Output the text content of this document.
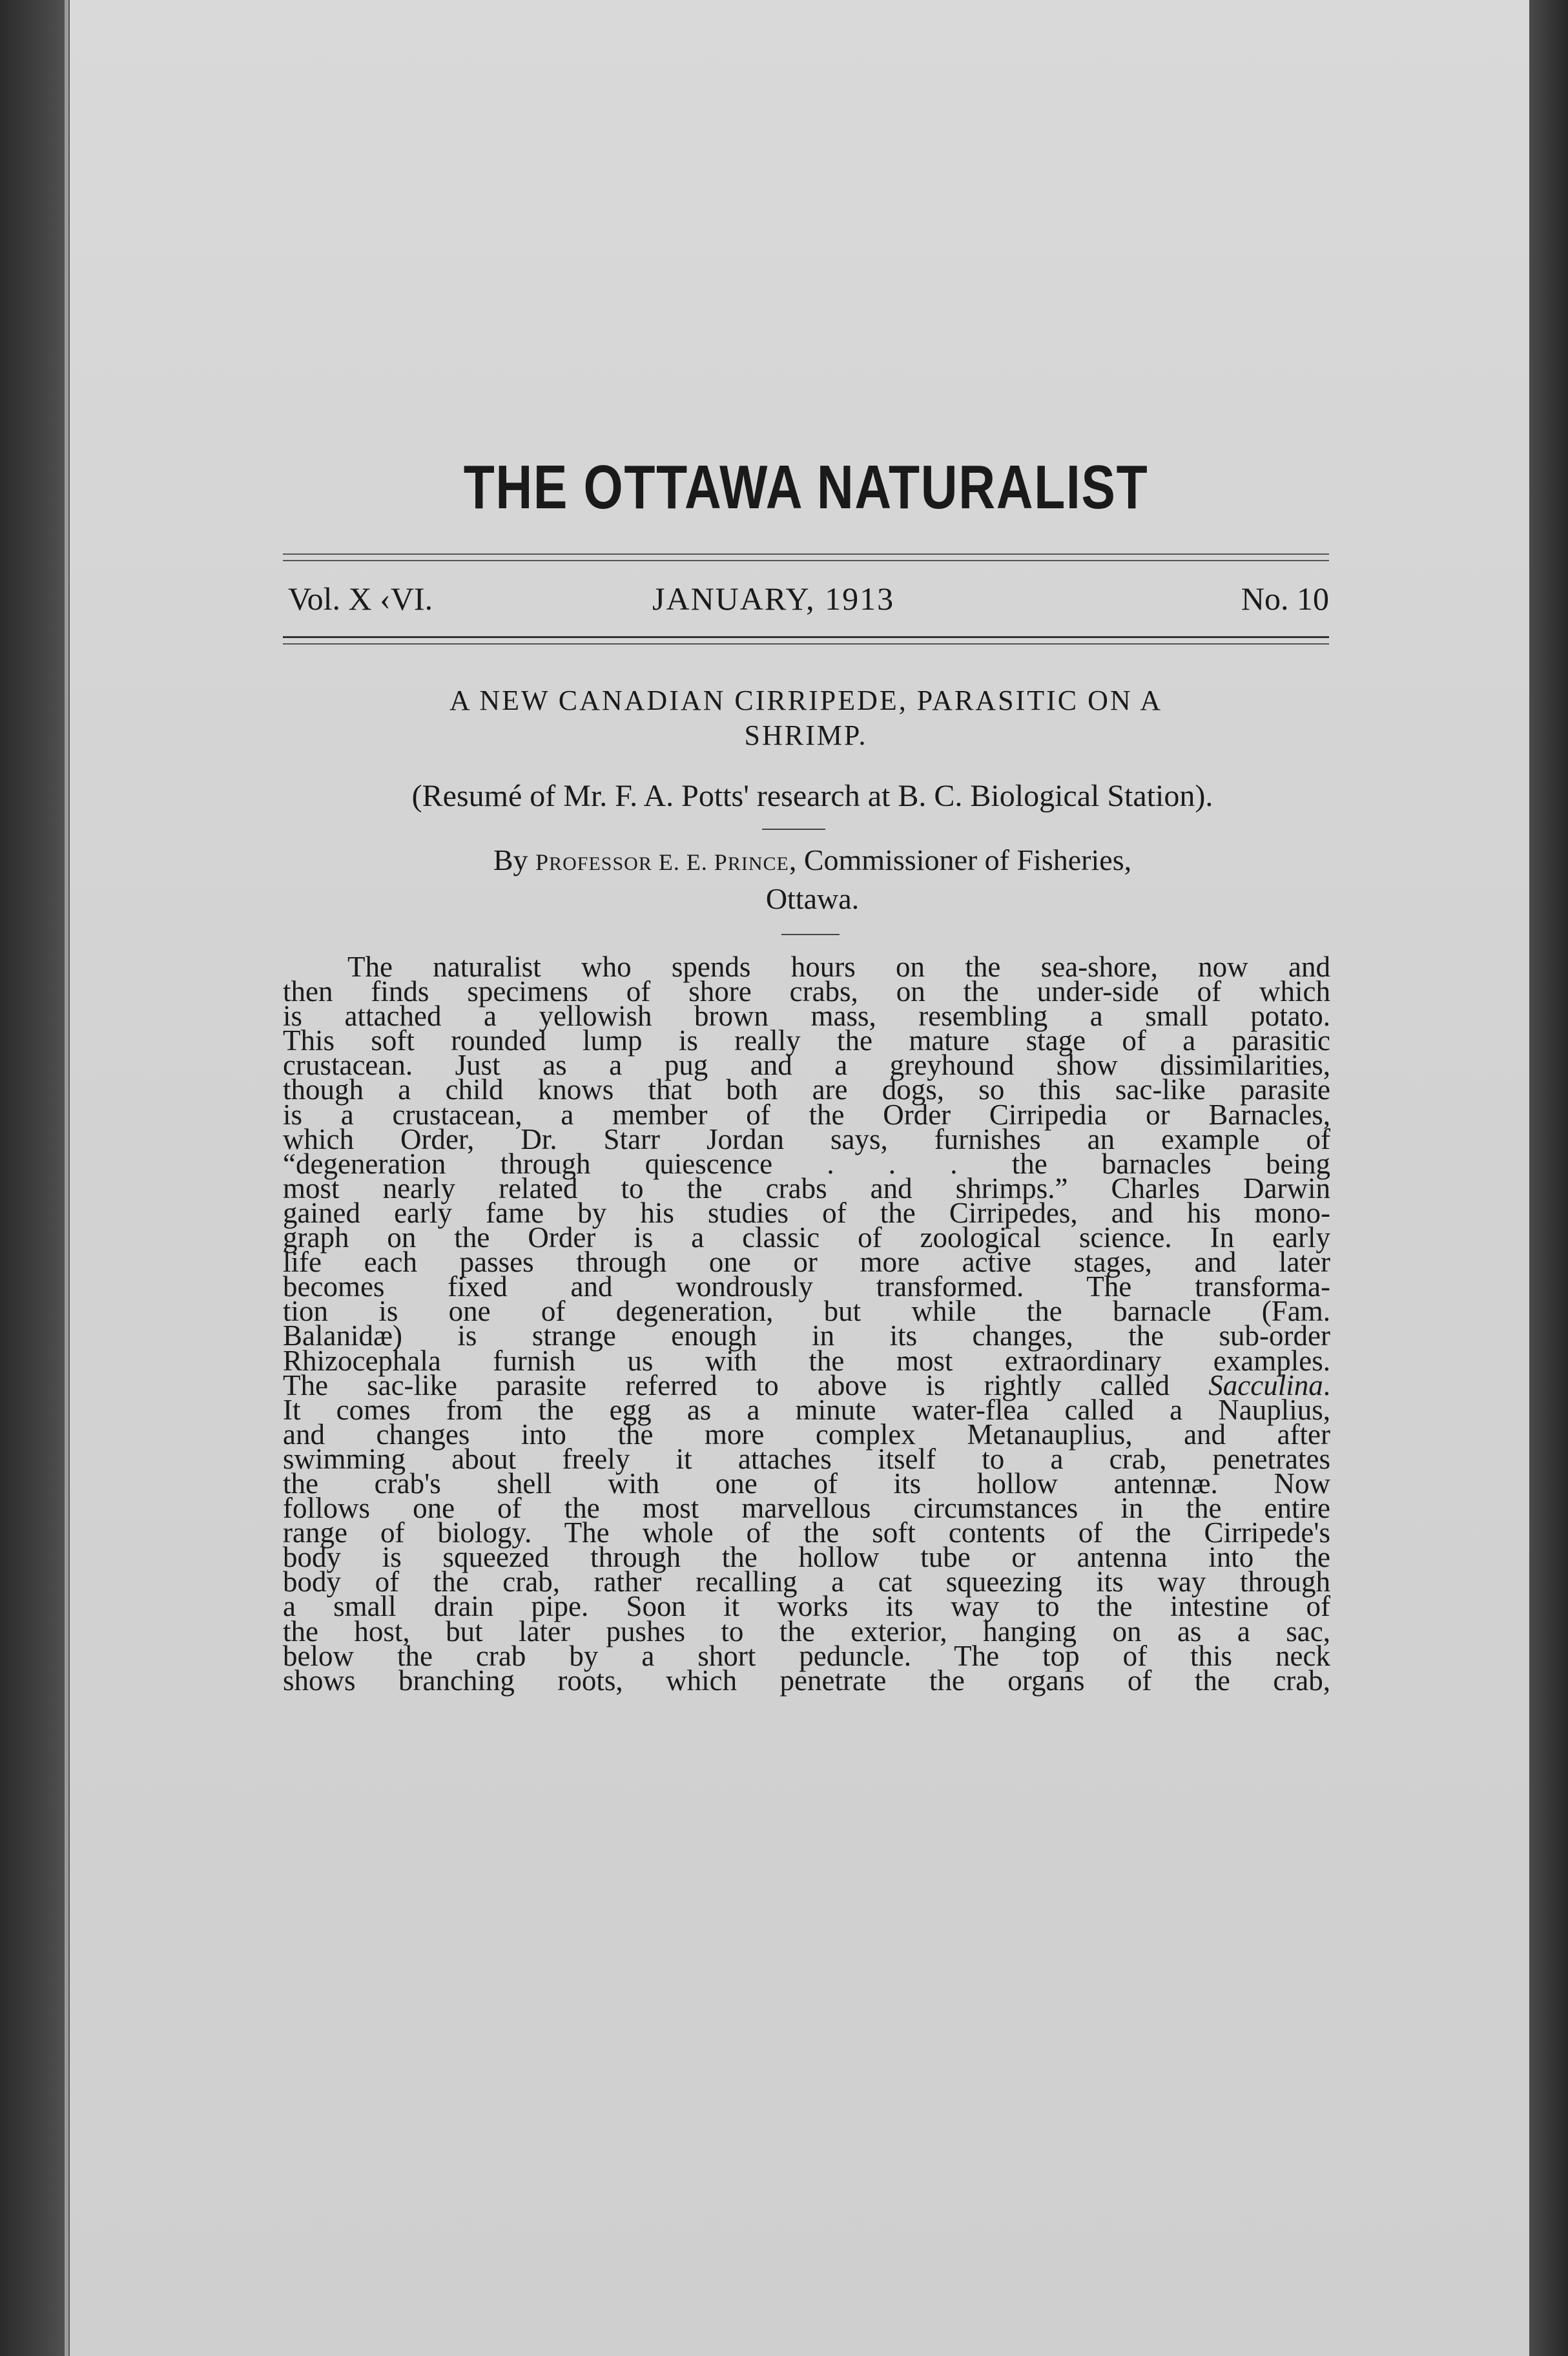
THE OTTAWA NATURALIST
Vol. X ‹VI.	JANUARY, 1913	No. 10
A NEW CANADIAN CIRRIPEDE, PARASITIC ON A
SHRIMP.
(Resumé of Mr. F. A. Potts' research at B. C. Biological Station).
By PROFESSOR E. E. PRINCE, Commissioner of Fisheries,
Ottawa.
The naturalist who spends hours on the sea-shore, now and
then finds specimens of shore crabs, on the under-side of which
is attached a yellowish brown mass, resembling a small potato.
This soft rounded lump is really the mature stage of a parasitic
crustacean. Just as a pug and a greyhound show dissimilarities,
though a child knows that both are dogs, so this sac-like parasite
is a crustacean, a member of the Order Cirripedia or Barnacles,
which Order, Dr. Starr Jordan says, furnishes an example of
“degeneration through quiescence . . . the barnacles being
most nearly related to the crabs and shrimps.” Charles Darwin
gained early fame by his studies of the Cirripedes, and his mono-
graph on the Order is a classic of zoological science. In early
life each passes through one or more active stages, and later
becomes fixed and wondrously transformed. The transforma-
tion is one of degeneration, but while the barnacle (Fam.
Balanidæ) is strange enough in its changes, the sub-order
Rhizocephala furnish us with the most extraordinary examples.
The sac-like parasite referred to above is rightly called Sacculina.
It comes from the egg as a minute water-flea called a Nauplius,
and changes into the more complex Metanauplius, and after
swimming about freely it attaches itself to a crab, penetrates
the crab's shell with one of its hollow antennæ. Now
follows one of the most marvellous circumstances in the entire
range of biology. The whole of the soft contents of the Cirripede's
body is squeezed through the hollow tube or antenna into the
body of the crab, rather recalling a cat squeezing its way through
a small drain pipe. Soon it works its way to the intestine of
the host, but later pushes to the exterior, hanging on as a sac,
below the crab by a short peduncle. The top of this neck
shows branching roots, which penetrate the organs of the crab,
